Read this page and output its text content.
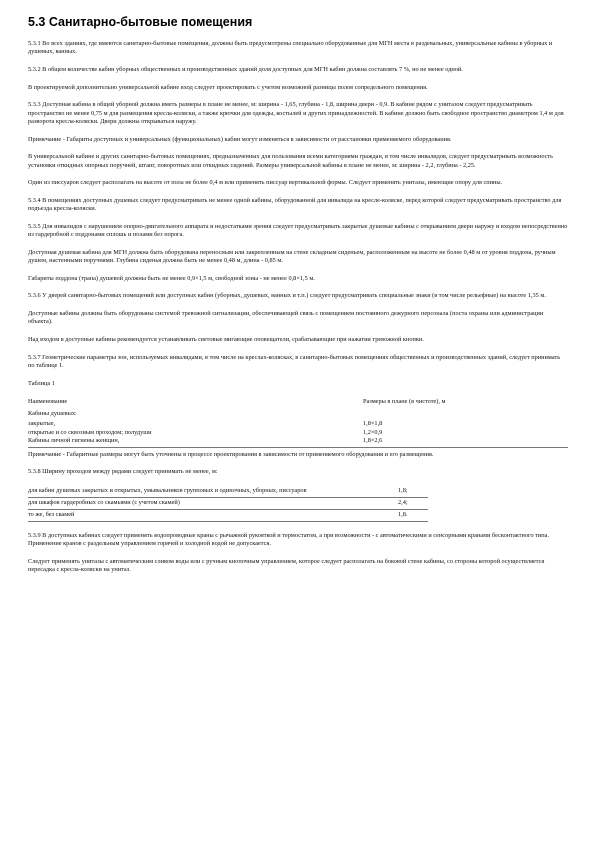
5.3 Санитарно-бытовые помещения

5.3.1 Во всех зданиях, где имеются санитарно-бытовые помещения, должны быть предусмотрены специально оборудованные для МГН места в раздевальных, универсальные кабины в уборных и душевых, ванных.

5.3.2 В общем количестве кабин уборных общественных и производственных зданий доля доступных для МГН кабин должна составлять 7 %, но не менее одной.

В проектируемой дополнительно универсальной кабине вход следует проектировать с учетом возможной разницы полов сопредельного помещения.

5.3.3 Доступная кабина в общей уборной должна иметь размеры в плане не менее, м: ширина - 1,65, глубина - 1,8, ширина двери - 0,9. В кабине рядом с унитазом следует предусматривать пространство не менее 0,75 м для размещения кресла-коляски, а также крючки для одежды, костылей и других принадлежностей. В кабине должно быть свободное пространство диаметром 1,4 м для разворота кресла-коляски. Двери должны открываться наружу.

Примечание - Габариты доступных и универсальных (функциональных) кабин могут изменяться в зависимости от расстановки применяемого оборудования.

В универсальной кабине и других санитарно-бытовых помещениях, предназначенных для пользования всеми категориями граждан, в том числе инвалидов, следует предусматривать возможность установки откидных опорных поручней, штанг, поворотных или откидных сидений. Размеры универсальной кабины в плане не менее, м: ширина - 2,2, глубина - 2,25.

Один из писсуаров следует располагать на высоте от пола не более 0,4 м или применять писсуар вертикальной формы. Следует применять унитазы, имеющие опору для спины.

5.3.4 В помещениях доступных душевых следует предусматривать не менее одной кабины, оборудованной для инвалида на кресле-коляске, перед которой следует предусматривать пространство для подъезда кресла-коляски.

5.3.5 Для инвалидов с нарушением опорно-двигательного аппарата и недостатками зрения следует предусматривать закрытые душевые кабины с открыванием двери наружу и входом непосредственно из гардеробной с поддонами сплошь и полами без порога.

Доступная душевая кабина для МГН должна быть оборудована переносным или закрепленным на стене складным сиденьем, расположенным на высоте не более 0,48 м от уровня поддона, ручным душем, настенными поручнями. Глубина сиденья должна быть не менее 0,48 м, длина - 0,85 м.

Габариты поддона (трапа) душевой должны быть не менее 0,9×1,5 м, свободной зоны - не менее 0,8×1,5 м.

5.3.6 У дверей санитарно-бытовых помещений или доступных кабин (уборных, душевых, ванных и т.п.) следует предусматривать специальные знаки (в том числе рельефные) на высоте 1,35 м.

Доступные кабины должны быть оборудованы системой тревожной сигнализации, обеспечивающей связь с помещением постоянного дежурного персонала (поста охраны или администрации объекта).

Над входом в доступные кабины рекомендуется устанавливать световые мигающие оповещатели, срабатывающие при нажатии тревожной кнопки.

5.3.7 Геометрические параметры зон, используемых инвалидами, в том числе на креслах-колясках, в санитарно-бытовых помещениях общественных и производственных зданий, следует принимать по таблице 1.

Таблица 1

Наименование	Размеры в плане (в чистоте), м
Кабины душевых:
закрытые,	1,8×1,8
открытые и со сквозным проходом; полудуши	1,2×0,9
Кабины личной гигиены женщин,	1,8×2,6

Примечание - Габаритные размеры могут быть уточнены в процессе проектирования в зависимости от применяемого оборудования и его размещения.

5.3.8 Ширину проходов между рядами следует принимать не менее, м:

для кабин душевых закрытых и открытых, умывальников групповых и одиночных, уборных, писсуаров	1,8;
для шкафов гардеробных со скамьями (с учетом скамей)	2,4;
то же, без скамей	1,8.

5.3.9 В доступных кабинах следует применять водопроводные краны с рычажной рукояткой и термостатом, а при возможности - с автоматическими и сенсорными кранами бесконтактного типа. Применение кранов с раздельным управлением горячей и холодной водой не допускается.

Следует применять унитазы с автоматическим сливом воды или с ручным кнопочным управлением, которое следует располагать на боковой стене кабины, со стороны которой осуществляется пересадка с кресла-коляски на унитаз.
